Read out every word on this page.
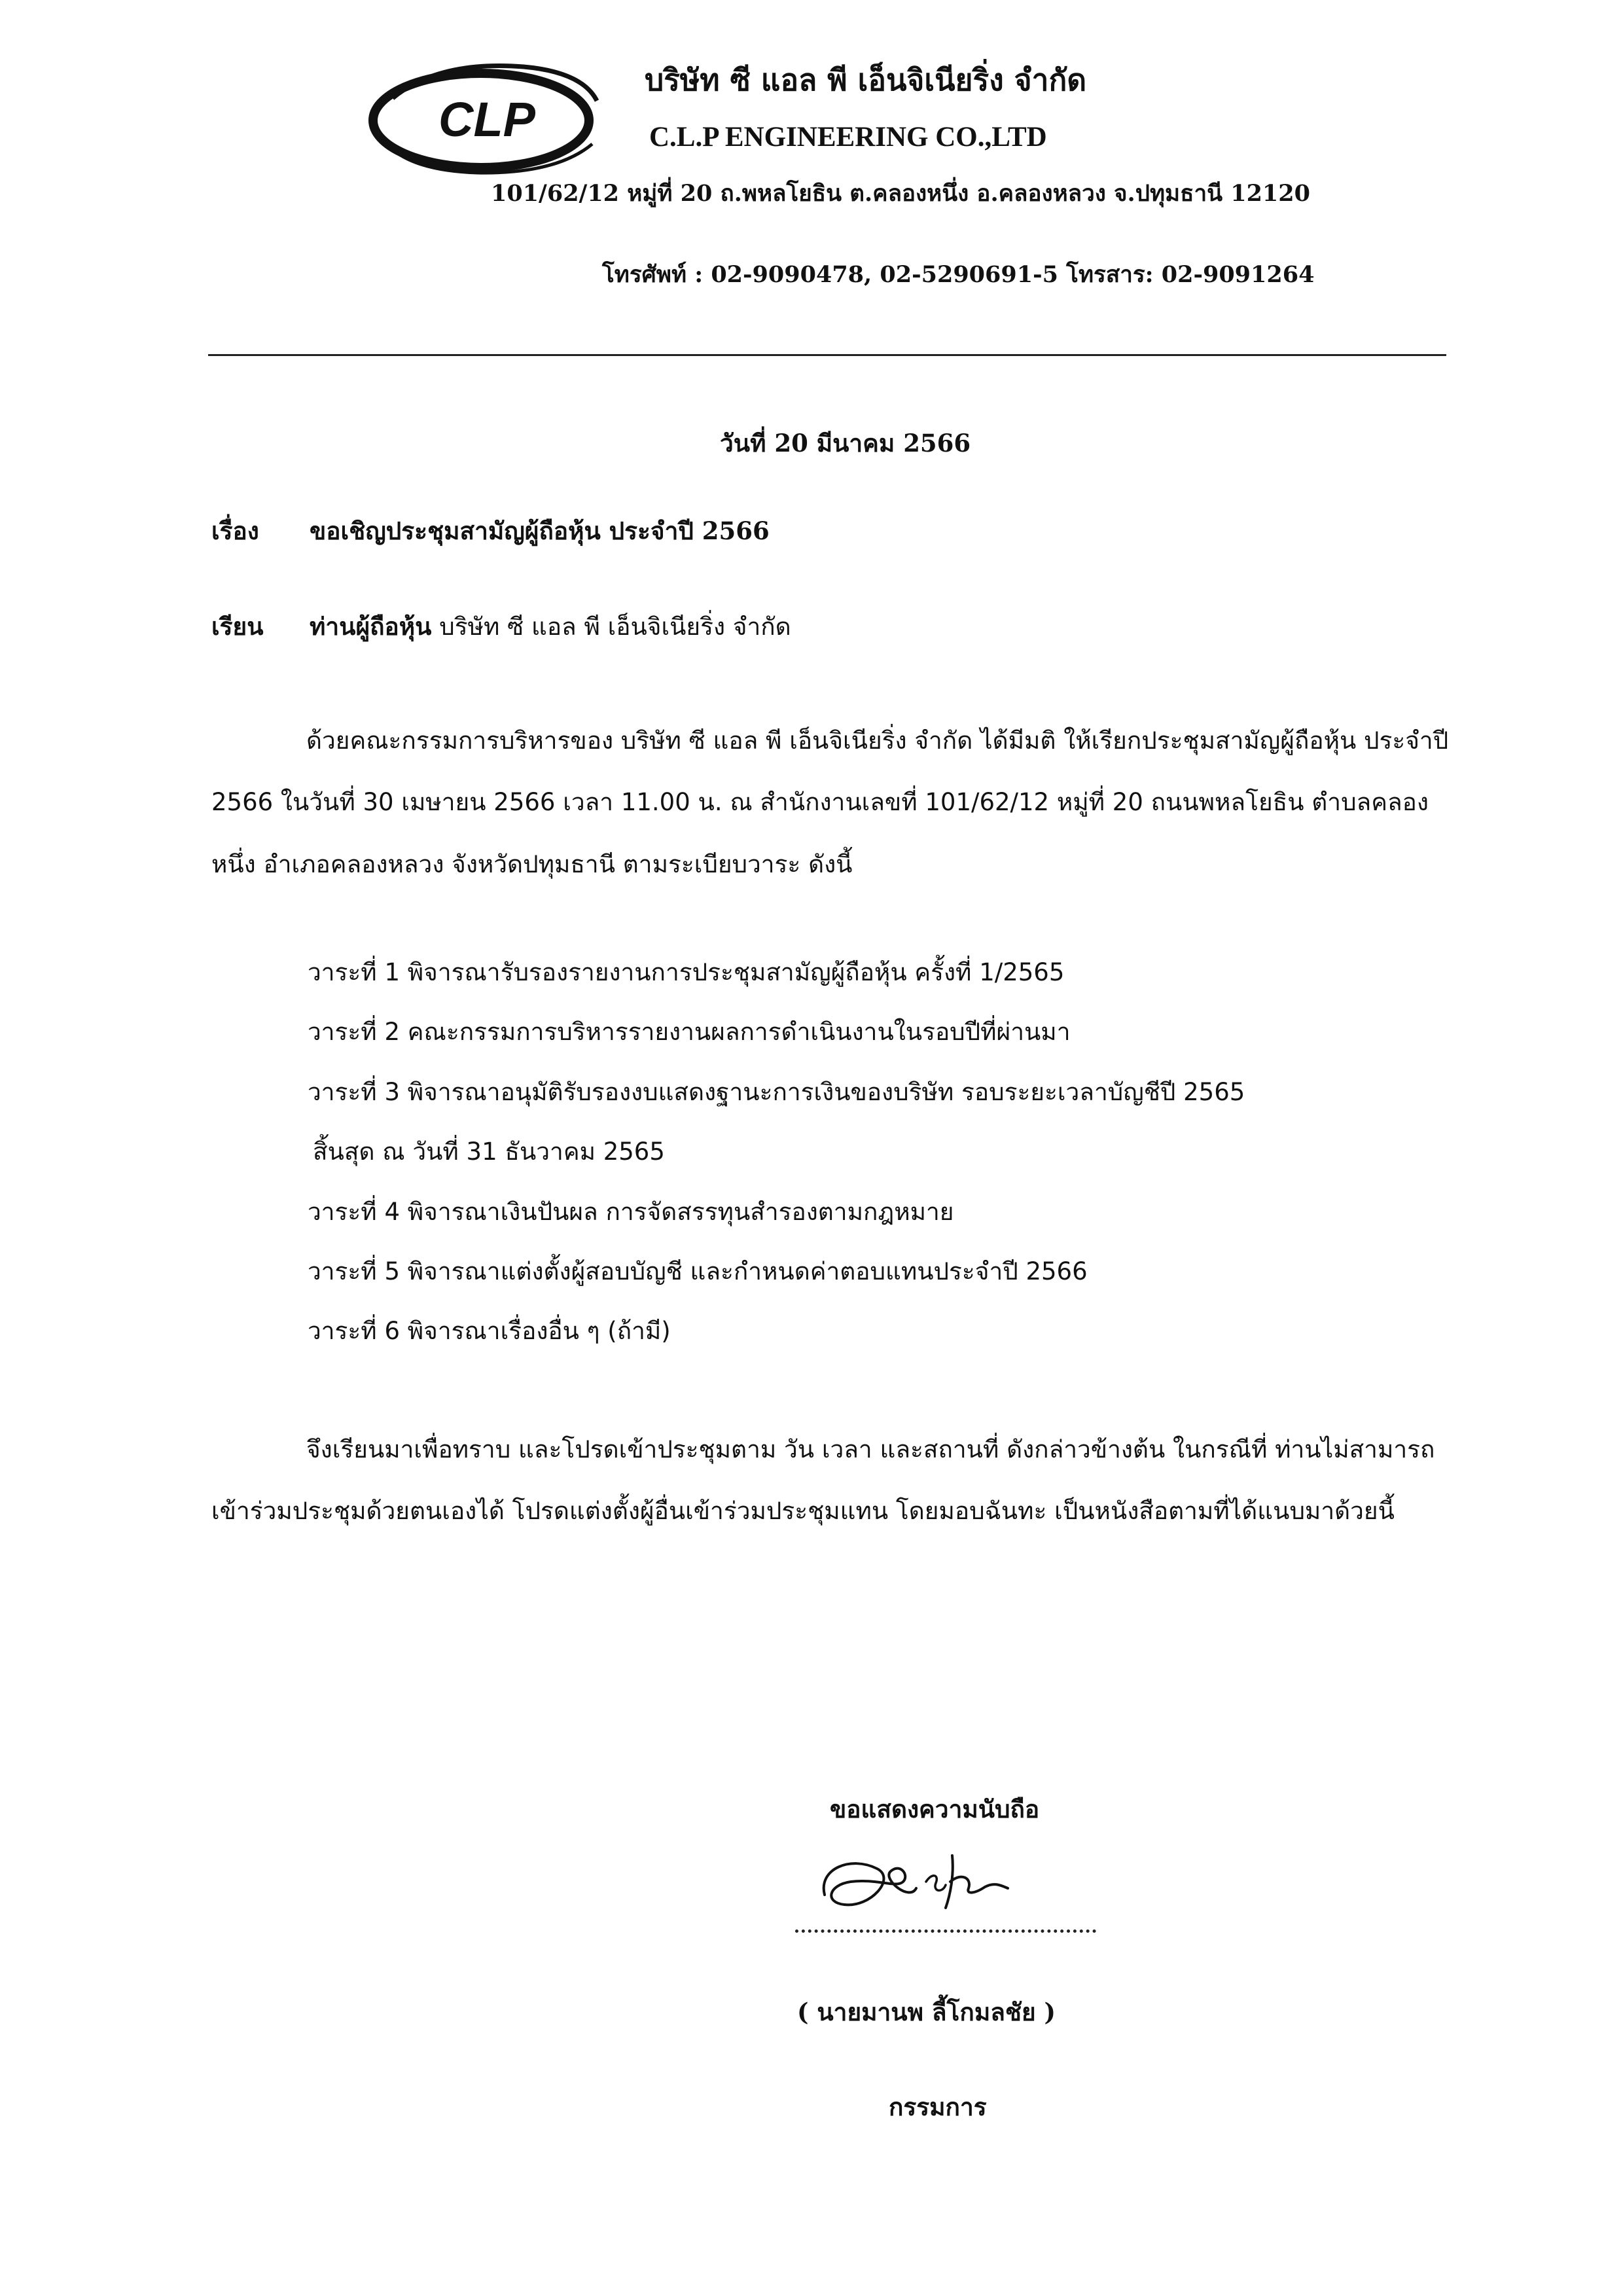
CLP
บริษัท ซี แอล พี เอ็นจิเนียริ่ง จำกัด
C.L.P ENGINEERING CO.,LTD
101/62/12 หมู่ที่ 20 ถ.พหลโยธิน ต.คลองหนึ่ง อ.คลองหลวง จ.ปทุมธานี 12120
โทรศัพท์ : 02-9090478, 02-5290691-5 โทรสาร: 02-9091264
วันที่ 20 มีนาคม 2566
เรื่อง ขอเชิญประชุมสามัญผู้ถือหุ้น ประจำปี 2566
เรียน ท่านผู้ถือหุ้น บริษัท ซี แอล พี เอ็นจิเนียริ่ง จำกัด
ด้วยคณะกรรมการบริหารของ บริษัท ซี แอล พี เอ็นจิเนียริ่ง จำกัด ได้มีมติ ให้เรียกประชุมสามัญผู้ถือหุ้น ประจำปี 2566 ในวันที่ 30 เมษายน 2566 เวลา 11.00 น. ณ สำนักงานเลขที่ 101/62/12 หมู่ที่ 20 ถนนพหลโยธิน ตำบลคลองหนึ่ง อำเภอคลองหลวง จังหวัดปทุมธานี ตามระเบียบวาระ ดังนี้
วาระที่ 1 พิจารณารับรองรายงานการประชุมสามัญผู้ถือหุ้น ครั้งที่ 1/2565
วาระที่ 2 คณะกรรมการบริหารรายงานผลการดำเนินงานในรอบปีที่ผ่านมา
วาระที่ 3 พิจารณาอนุมัติรับรองงบแสดงฐานะการเงินของบริษัท รอบระยะเวลาบัญชีปี 2565
สิ้นสุด ณ วันที่ 31 ธันวาคม 2565
วาระที่ 4 พิจารณาเงินปันผล การจัดสรรทุนสำรองตามกฎหมาย
วาระที่ 5 พิจารณาแต่งตั้งผู้สอบบัญชี และกำหนดค่าตอบแทนประจำปี 2566
วาระที่ 6 พิจารณาเรื่องอื่น ๆ (ถ้ามี)
จึงเรียนมาเพื่อทราบ และโปรดเข้าประชุมตาม วัน เวลา และสถานที่ ดังกล่าวข้างต้น ในกรณีที่ ท่านไม่สามารถเข้าร่วมประชุมด้วยตนเองได้ โปรดแต่งตั้งผู้อื่นเข้าร่วมประชุมแทน โดยมอบฉันทะ เป็นหนังสือตามที่ได้แนบมาด้วยนี้
ขอแสดงความนับถือ
( นายมานพ ลี้โกมลชัย )
กรรมการ
